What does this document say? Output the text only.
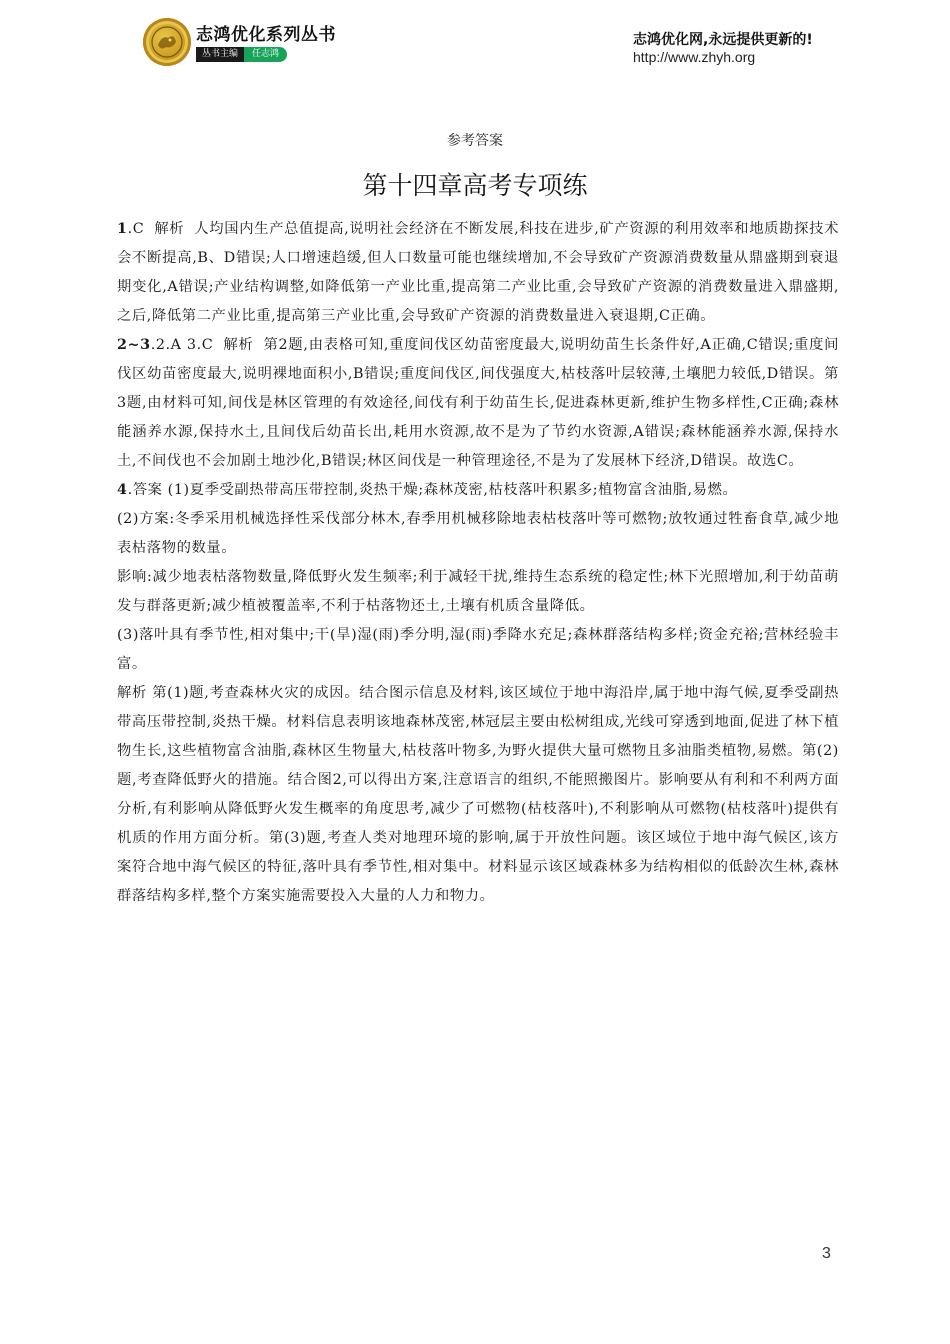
志鸿优化系列丛书
丛书主编	任志鸿
志鸿优化网,永远提供更新的!
http://www.zhyh.org
参考答案
第十四章高考专项练

1.C 解析 人均国内生产总值提高,说明社会经济在不断发展,科技在进步,矿产资源的利用效率和地质勘探技术会不断提高,B、D错误;人口增速趋缓,但人口数量可能也继续增加,不会导致矿产资源消费数量从鼎盛期到衰退期变化,A错误;产业结构调整,如降低第一产业比重,提高第二产业比重,会导致矿产资源的消费数量进入鼎盛期,之后,降低第二产业比重,提高第三产业比重,会导致矿产资源的消费数量进入衰退期,C正确。

2~3.2.A 3.C 解析 第2题,由表格可知,重度间伐区幼苗密度最大,说明幼苗生长条件好,A正确,C错误;重度间伐区幼苗密度最大,说明裸地面积小,B错误;重度间伐区,间伐强度大,枯枝落叶层较薄,土壤肥力较低,D错误。第3题,由材料可知,间伐是林区管理的有效途径,间伐有利于幼苗生长,促进森林更新,维护生物多样性,C正确;森林能涵养水源,保持水土,且间伐后幼苗长出,耗用水资源,故不是为了节约水资源,A错误;森林能涵养水源,保持水土,不间伐也不会加剧土地沙化,B错误;林区间伐是一种管理途径,不是为了发展林下经济,D错误。故选C。

4.答案 (1)夏季受副热带高压带控制,炎热干燥;森林茂密,枯枝落叶积累多;植物富含油脂,易燃。

(2)方案:冬季采用机械选择性采伐部分林木,春季用机械移除地表枯枝落叶等可燃物;放牧通过牲畜食草,减少地表枯落物的数量。

影响:减少地表枯落物数量,降低野火发生频率;利于减轻干扰,维持生态系统的稳定性;林下光照增加,利于幼苗萌发与群落更新;减少植被覆盖率,不利于枯落物还土,土壤有机质含量降低。

(3)落叶具有季节性,相对集中;干(旱)湿(雨)季分明,湿(雨)季降水充足;森林群落结构多样;资金充裕;营林经验丰富。

解析 第(1)题,考查森林火灾的成因。结合图示信息及材料,该区域位于地中海沿岸,属于地中海气候,夏季受副热带高压带控制,炎热干燥。材料信息表明该地森林茂密,林冠层主要由松树组成,光线可穿透到地面,促进了林下植物生长,这些植物富含油脂,森林区生物量大,枯枝落叶物多,为野火提供大量可燃物且多油脂类植物,易燃。第(2)题,考查降低野火的措施。结合图2,可以得出方案,注意语言的组织,不能照搬图片。影响要从有利和不利两方面分析,有利影响从降低野火发生概率的角度思考,减少了可燃物(枯枝落叶),不利影响从可燃物(枯枝落叶)提供有机质的作用方面分析。第(3)题,考查人类对地理环境的影响,属于开放性问题。该区域位于地中海气候区,该方案符合地中海气候区的特征,落叶具有季节性,相对集中。材料显示该区域森林多为结构相似的低龄次生林,森林群落结构多样,整个方案实施需要投入大量的人力和物力。

3
